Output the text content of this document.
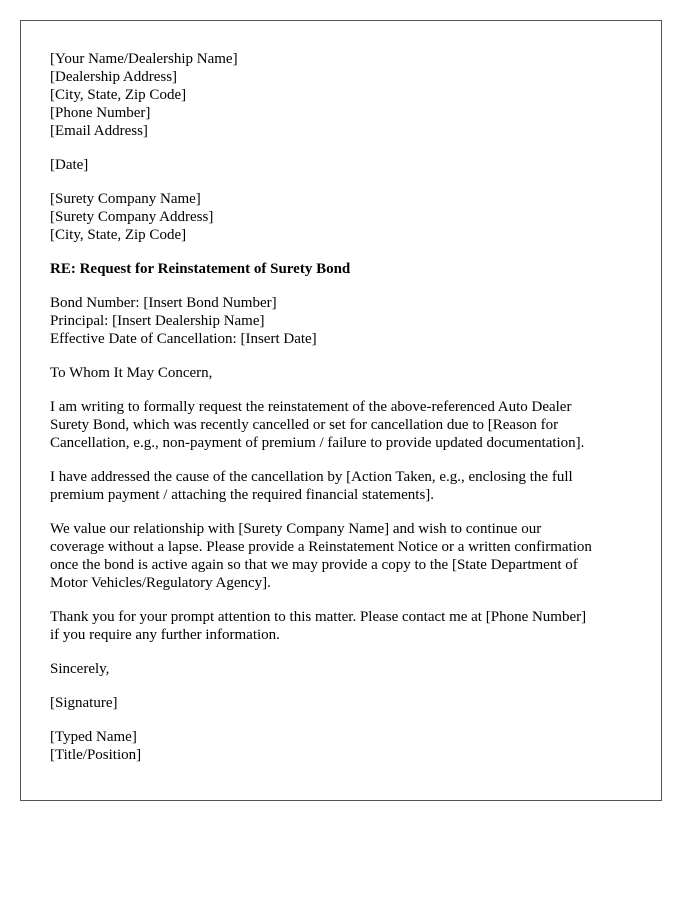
[Your Name/Dealership Name]
[Dealership Address]
[City, State, Zip Code]
[Phone Number]
[Email Address]
[Date]
[Surety Company Name]
[Surety Company Address]
[City, State, Zip Code]
RE: Request for Reinstatement of Surety Bond
Bond Number: [Insert Bond Number]
Principal: [Insert Dealership Name]
Effective Date of Cancellation: [Insert Date]
To Whom It May Concern,
I am writing to formally request the reinstatement of the above-referenced Auto Dealer
Surety Bond, which was recently cancelled or set for cancellation due to [Reason for
Cancellation, e.g., non-payment of premium / failure to provide updated documentation].
I have addressed the cause of the cancellation by [Action Taken, e.g., enclosing the full
premium payment / attaching the required financial statements].
We value our relationship with [Surety Company Name] and wish to continue our
coverage without a lapse. Please provide a Reinstatement Notice or a written confirmation
once the bond is active again so that we may provide a copy to the [State Department of
Motor Vehicles/Regulatory Agency].
Thank you for your prompt attention to this matter. Please contact me at [Phone Number]
if you require any further information.
Sincerely,
[Signature]
[Typed Name]
[Title/Position]
